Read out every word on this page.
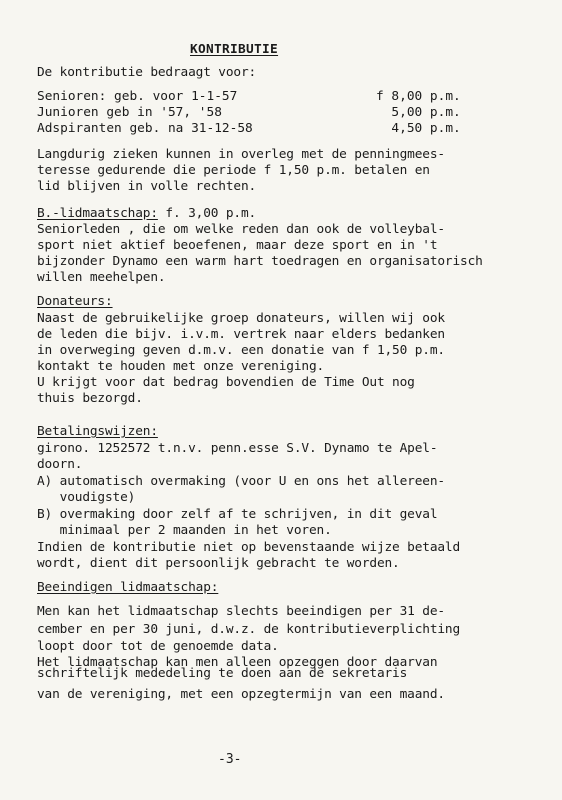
KONTRIBUTIE
De kontributie bedraagt voor:
Senioren: geb. voor 1-1-57	f 8,00 p.m.
Junioren geb in '57, '58	5,00 p.m.
Adspiranten geb. na 31-12-58	4,50 p.m.
Langdurig zieken kunnen in overleg met de penningmees-
teresse gedurende die periode f 1,50 p.m. betalen en
lid blijven in volle rechten.
B.-lidmaatschap: f. 3,00 p.m.
Seniorleden , die om welke reden dan ook de volleybal-
sport niet aktief beoefenen, maar deze sport en in 't
bijzonder Dynamo een warm hart toedragen en organisatorisch
willen meehelpen.
Donateurs:
Naast de gebruikelijke groep donateurs, willen wij ook
de leden die bijv. i.v.m. vertrek naar elders bedanken
in overweging geven d.m.v. een donatie van f 1,50 p.m.
kontakt te houden met onze vereniging.
U krijgt voor dat bedrag bovendien de Time Out nog
thuis bezorgd.
Betalingswijzen:
girono. 1252572 t.n.v. penn.esse S.V. Dynamo te Apel-
doorn.
A) automatisch overmaking (voor U en ons het allereen-
voudigste)
B) overmaking door zelf af te schrijven, in dit geval
minimaal per 2 maanden in het voren.
Indien de kontributie niet op bevenstaande wijze betaald
wordt, dient dit persoonlijk gebracht te worden.
Beeindigen lidmaatschap:
Men kan het lidmaatschap slechts beeindigen per 31 de-
cember en per 30 juni, d.w.z. de kontributieverplichting
loopt door tot de genoemde data.
Het lidmaatschap kan men alleen opzeggen door daarvan
schriftelijk mededeling te doen aan de sekretaris
van de vereniging, met een opzegtermijn van een maand.
-3-
